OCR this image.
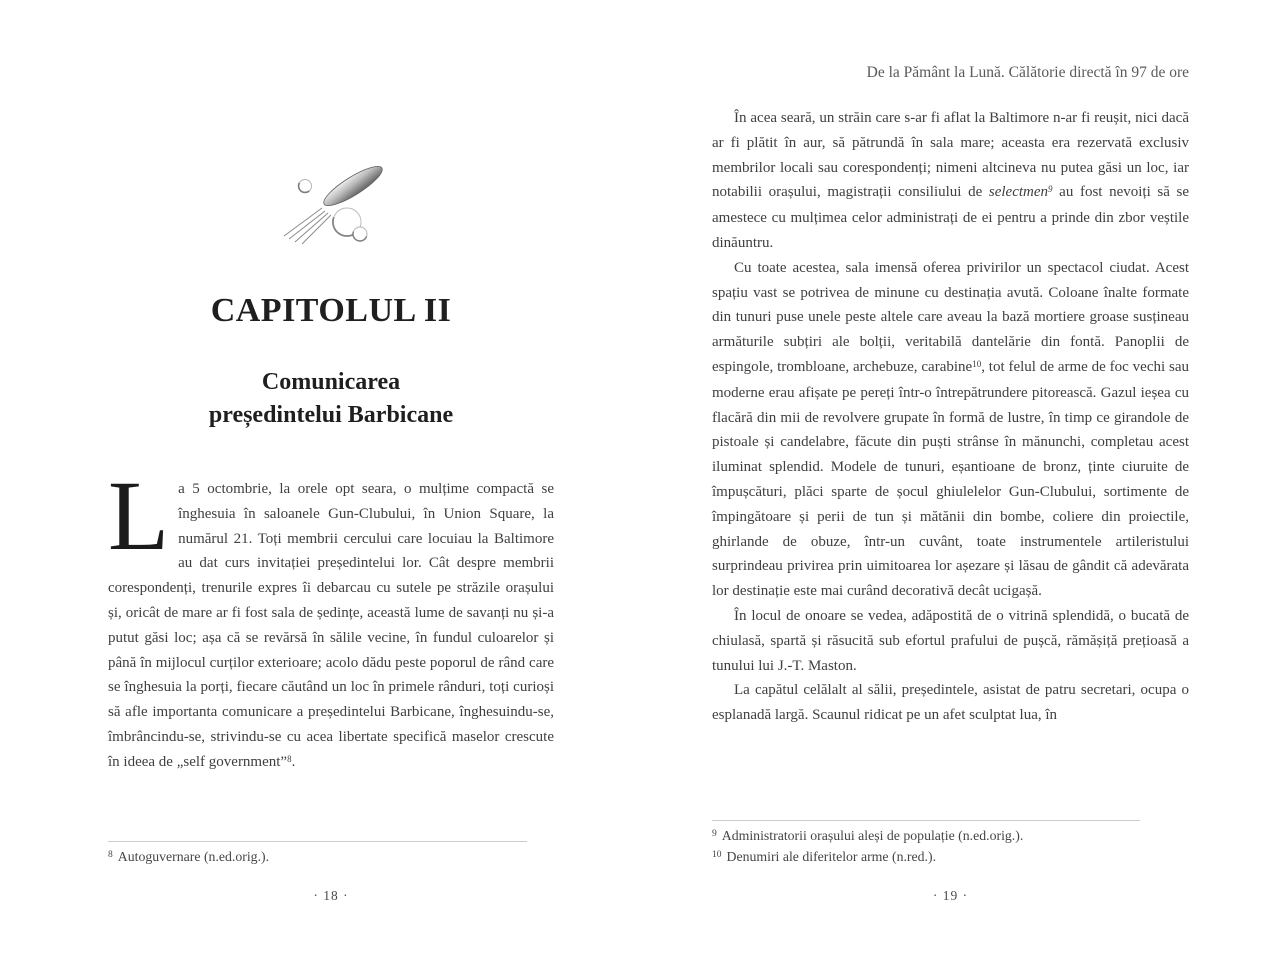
CAPITOLUL II
Comunicarea
președintelui Barbicane

La 5 octombrie, la orele opt seara, o mulțime compactă se înghesuia în saloanele Gun-Clubului, în Union Square, la numărul 21. Toți membrii cercului care locuiau la Baltimore au dat curs invitației președintelui lor. Cât despre membrii corespondenți, trenurile expres îi debarcau cu sutele pe străzile orașului și, oricât de mare ar fi fost sala de ședințe, această lume de savanți nu și-a putut găsi loc; așa că se revărsă în sălile vecine, în fundul culoarelor și până în mijlocul curților exterioare; acolo dădu peste poporul de rând care se înghesuia la porți, fiecare căutând un loc în primele rânduri, toți curioși să afle importanta comunicare a președintelui Barbicane, înghesuindu-se, îmbrâncindu-se, strivindu-se cu acea libertate specifică maselor crescute în ideea de „self government”$^8$.

$^8$ Autoguvernare (n.ed.orig.).
· 18 ·
De la Pământ la Lună. Călătorie directă în 97 de ore

În acea seară, un străin care s-ar fi aflat la Baltimore n-ar fi reușit, nici dacă ar fi plătit în aur, să pătrundă în sala mare; aceasta era rezervată exclusiv membrilor locali sau corespondenți; nimeni altcineva nu putea găsi un loc, iar notabilii orașului, magistrații consiliului de selectmen$^9$ au fost nevoiți să se amestece cu mulțimea celor administrați de ei pentru a prinde din zbor veștile dinăuntru.

Cu toate acestea, sala imensă oferea privirilor un spectacol ciudat. Acest spațiu vast se potrivea de minune cu destinația avută. Coloane înalte formate din tunuri puse unele peste altele care aveau la bază mortiere groase susțineau armăturile subțiri ale bolții, veritabilă dantelărie din fontă. Panoplii de espingole, trombloane, archebuze, carabine$^{10}$, tot felul de arme de foc vechi sau moderne erau afișate pe pereți într-o întrepătrundere pitorească. Gazul ieșea cu flacără din mii de revolvere grupate în formă de lustre, în timp ce girandole de pistoale și candelabre, făcute din puști strânse în mănunchi, completau acest iluminat splendid. Modele de tunuri, eșantioane de bronz, ținte ciuruite de împușcături, plăci sparte de șocul ghiulelelor Gun-Clubului, sortimente de împingătoare și perii de tun și mătănii din bombe, coliere din proiectile, ghirlande de obuze, într-un cuvânt, toate instrumentele artileristului surprindeau privirea prin uimitoarea lor așezare și lăsau de gândit că adevărata lor destinație este mai curând decorativă decât ucigașă.

În locul de onoare se vedea, adăpostită de o vitrină splendidă, o bucată de chiulasă, spartă și răsucită sub efortul prafului de pușcă, rămășiță prețioasă a tunului lui J.-T. Maston.

La capătul celălalt al sălii, președintele, asistat de patru secretari, ocupa o esplanadă largă. Scaunul ridicat pe un afet sculptat lua, în

$^9$ Administratorii orașului aleși de populație (n.ed.orig.).
$^{10}$ Denumiri ale diferitelor arme (n.red.).
· 19 ·
